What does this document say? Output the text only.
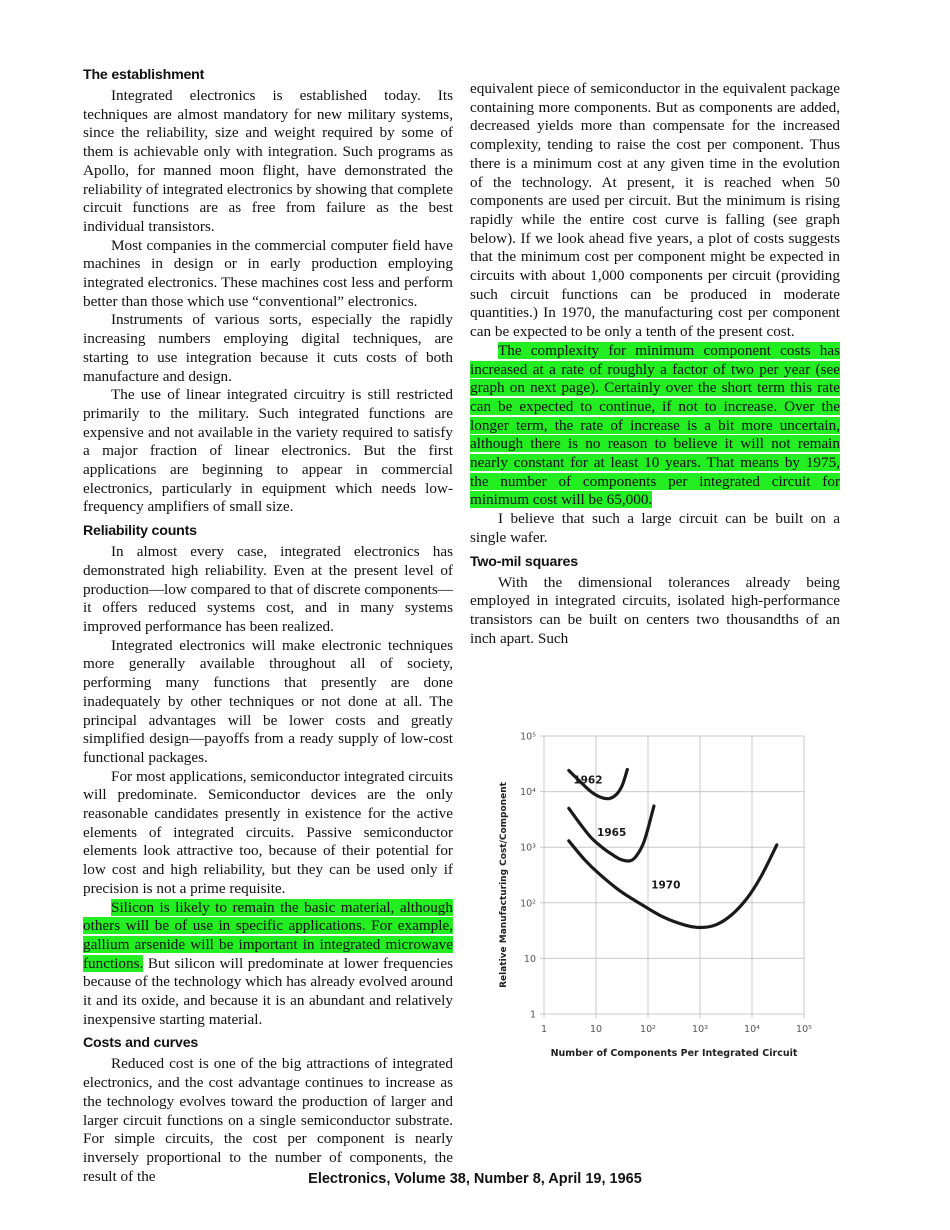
The establishment

Integrated electronics is established today. Its techniques are almost mandatory for new military systems, since the reliability, size and weight required by some of them is achievable only with integration. Such programs as Apollo, for manned moon flight, have demonstrated the reliability of integrated electronics by showing that complete circuit functions are as free from failure as the best individual transistors.

Most companies in the commercial computer field have machines in design or in early production employing integrated electronics. These machines cost less and perform better than those which use “conventional” electronics.

Instruments of various sorts, especially the rapidly increasing numbers employing digital techniques, are starting to use integration because it cuts costs of both manufacture and design.

The use of linear integrated circuitry is still restricted primarily to the military. Such integrated functions are expensive and not available in the variety required to satisfy a major fraction of linear electronics. But the first applications are beginning to appear in commercial electronics, particularly in equipment which needs low-frequency amplifiers of small size.

Reliability counts

In almost every case, integrated electronics has demonstrated high reliability. Even at the present level of production—low compared to that of discrete components—it offers reduced systems cost, and in many systems improved performance has been realized.

Integrated electronics will make electronic techniques more generally available throughout all of society, performing many functions that presently are done inadequately by other techniques or not done at all. The principal advantages will be lower costs and greatly simplified design—payoffs from a ready supply of low-cost functional packages.

For most applications, semiconductor integrated circuits will predominate. Semiconductor devices are the only reasonable candidates presently in existence for the active elements of integrated circuits. Passive semiconductor elements look attractive too, because of their potential for low cost and high reliability, but they can be used only if precision is not a prime requisite.

Silicon is likely to remain the basic material, although others will be of use in specific applications. For example, gallium arsenide will be important in integrated microwave functions. But silicon will predominate at lower frequencies because of the technology which has already evolved around it and its oxide, and because it is an abundant and relatively inexpensive starting material.

Costs and curves

Reduced cost is one of the big attractions of integrated electronics, and the cost advantage continues to increase as the technology evolves toward the production of larger and larger circuit functions on a single semiconductor substrate. For simple circuits, the cost per component is nearly inversely proportional to the number of components, the result of the

equivalent piece of semiconductor in the equivalent package containing more components. But as components are added, decreased yields more than compensate for the increased complexity, tending to raise the cost per component. Thus there is a minimum cost at any given time in the evolution of the technology. At present, it is reached when 50 components are used per circuit. But the minimum is rising rapidly while the entire cost curve is falling (see graph below). If we look ahead five years, a plot of costs suggests that the minimum cost per component might be expected in circuits with about 1,000 components per circuit (providing such circuit functions can be produced in moderate quantities.) In 1970, the manufacturing cost per component can be expected to be only a tenth of the present cost.

The complexity for minimum component costs has increased at a rate of roughly a factor of two per year (see graph on next page). Certainly over the short term this rate can be expected to continue, if not to increase. Over the longer term, the rate of increase is a bit more uncertain, although there is no reason to believe it will not remain nearly constant for at least 10 years. That means by 1975, the number of components per integrated circuit for minimum cost will be 65,000.

I believe that such a large circuit can be built on a single wafer.

Two-mil squares

With the dimensional tolerances already being employed in integrated circuits, isolated high-performance transistors can be built on centers two thousandths of an inch apart. Such

1	10	10²	10³	10⁴	10⁵
1
10
10²
10³
10⁴
10⁵
Number of Components Per Integrated Circuit
Relative Manufacturing Cost/Component
1962
1965
1970
Electronics, Volume 38, Number 8, April 19, 1965
